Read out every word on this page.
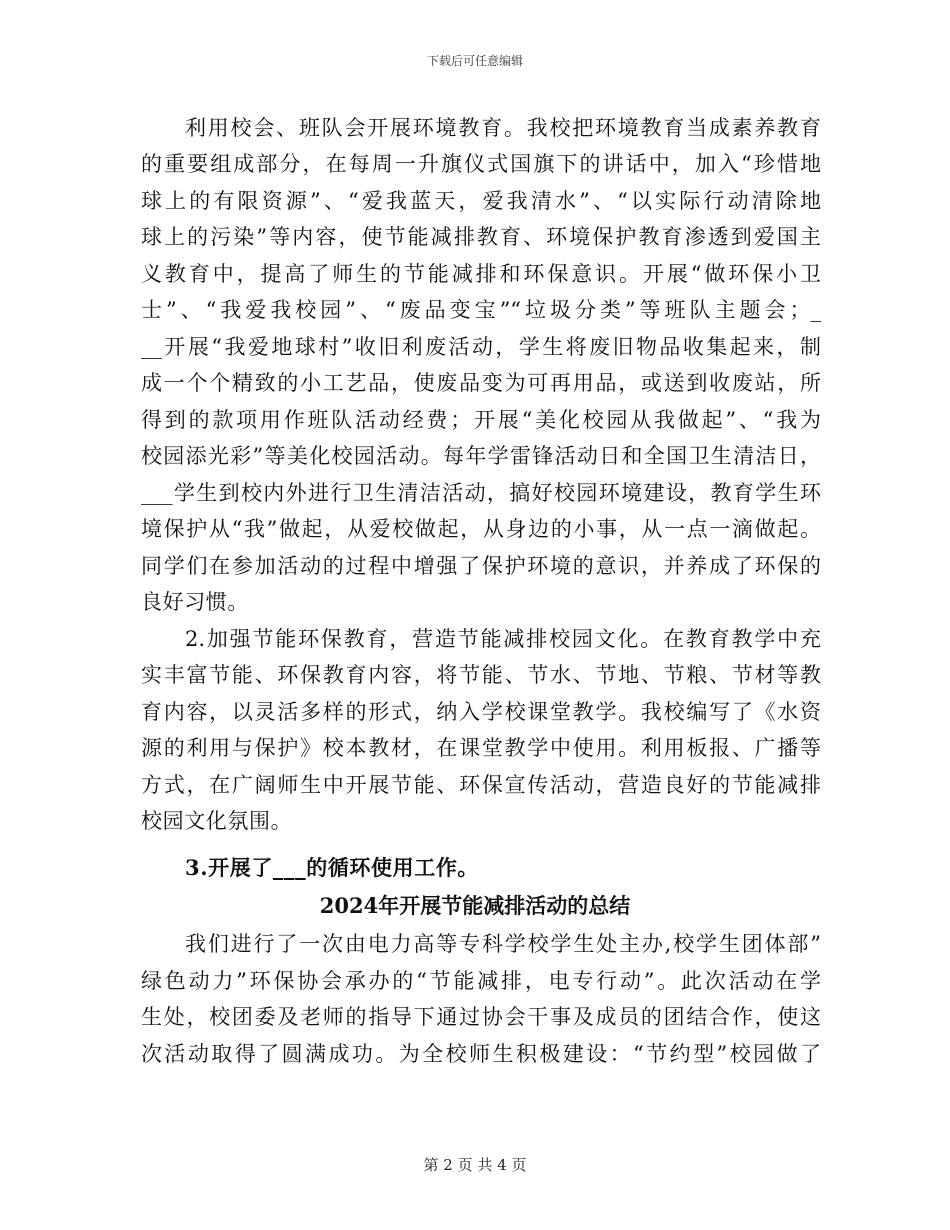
下载后可任意编辑
利用校会、班队会开展环境教育。我校把环境教育当成素养教育
的重要组成部分，在每周一升旗仪式国旗下的讲话中，加入“珍惜地
球上的有限资源”、“爱我蓝天，爱我清水”、“以实际行动清除地
球上的污染”等内容，使节能减排教育、环境保护教育渗透到爱国主
义教育中，提高了师生的节能减排和环保意识。开展“做环保小卫
士”、“我爱我校园”、“废品变宝”“垃圾分类”等班队主题会；_
__开展“我爱地球村”收旧利废活动，学生将废旧物品收集起来，制
成一个个精致的小工艺品，使废品变为可再用品，或送到收废站，所
得到的款项用作班队活动经费；开展“美化校园从我做起”、“我为
校园添光彩”等美化校园活动。每年学雷锋活动日和全国卫生清洁日，
___学生到校内外进行卫生清洁活动，搞好校园环境建设，教育学生环
境保护从“我”做起，从爱校做起，从身边的小事，从一点一滴做起。
同学们在参加活动的过程中增强了保护环境的意识，并养成了环保的
良好习惯。
2.加强节能环保教育，营造节能减排校园文化。在教育教学中充
实丰富节能、环保教育内容，将节能、节水、节地、节粮、节材等教
育内容，以灵活多样的形式，纳入学校课堂教学。我校编写了《水资
源的利用与保护》校本教材，在课堂教学中使用。利用板报、广播等
方式，在广阔师生中开展节能、环保宣传活动，营造良好的节能减排
校园文化氛围。
3.开展了___的循环使用工作。
2024年开展节能减排活动的总结
我们进行了一次由电力高等专科学校学生处主办,校学生团体部”
绿色动力”环保协会承办的“节能减排，电专行动”。此次活动在学
生处，校团委及老师的指导下通过协会干事及成员的团结合作，使这
次活动取得了圆满成功。为全校师生积极建设：“节约型”校园做了
第 2 页 共 4 页
